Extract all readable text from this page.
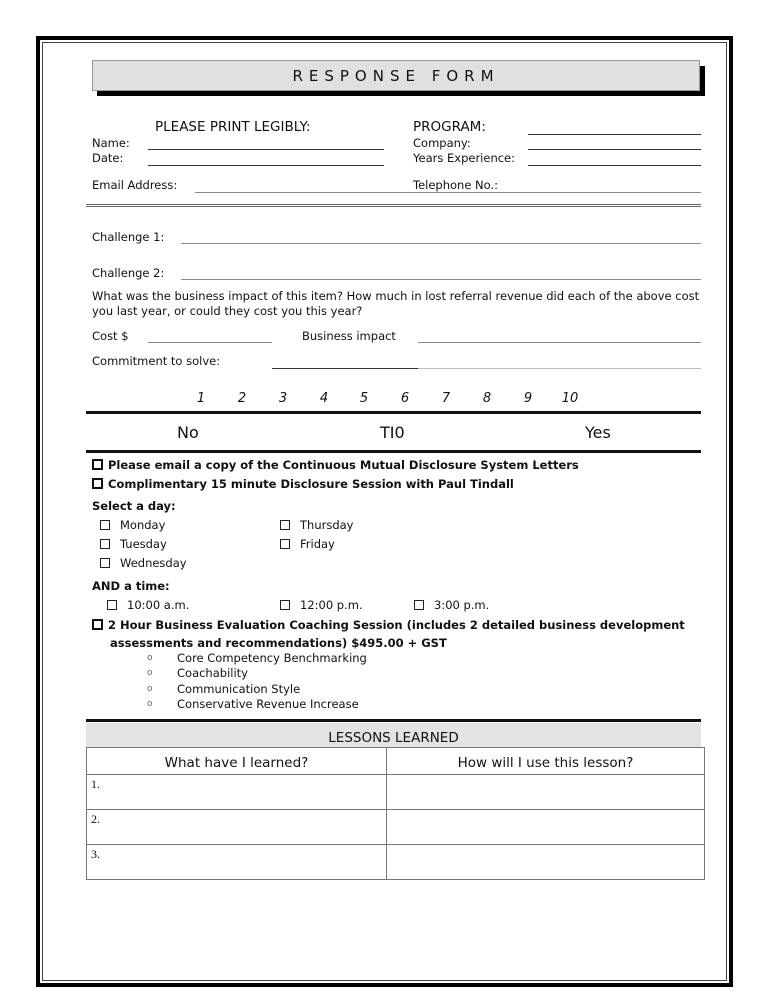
RESPONSE FORM
PLEASE PRINT LEGIBLY:
Name:
Date:
PROGRAM:
Company:
Years Experience:
Email Address:	Telephone No.:
Challenge 1:
Challenge 2:
What was the business impact of this item? How much in lost referral revenue did each of the above cost you last year, or could they cost you this year?
Cost $	Business impact
Commitment to solve:
1	2	3	4	5	6	7	8	9	10
No	TI0	Yes
Please email a copy of the Continuous Mutual Disclosure System Letters
Complimentary 15 minute Disclosure Session with Paul Tindall
Select a day:
Monday
Tuesday
Wednesday
Thursday
Friday
AND a time:
10:00 a.m.	12:00 p.m.	3:00 p.m.
2 Hour Business Evaluation Coaching Session (includes 2 detailed business development
assessments and recommendations) $495.00 + GST
o	Core Competency Benchmarking
o	Coachability
o	Communication Style
o	Conservative Revenue Increase
LESSONS LEARNED
What have I learned?	How will I use this lesson?
1.	
2.	
3.	
